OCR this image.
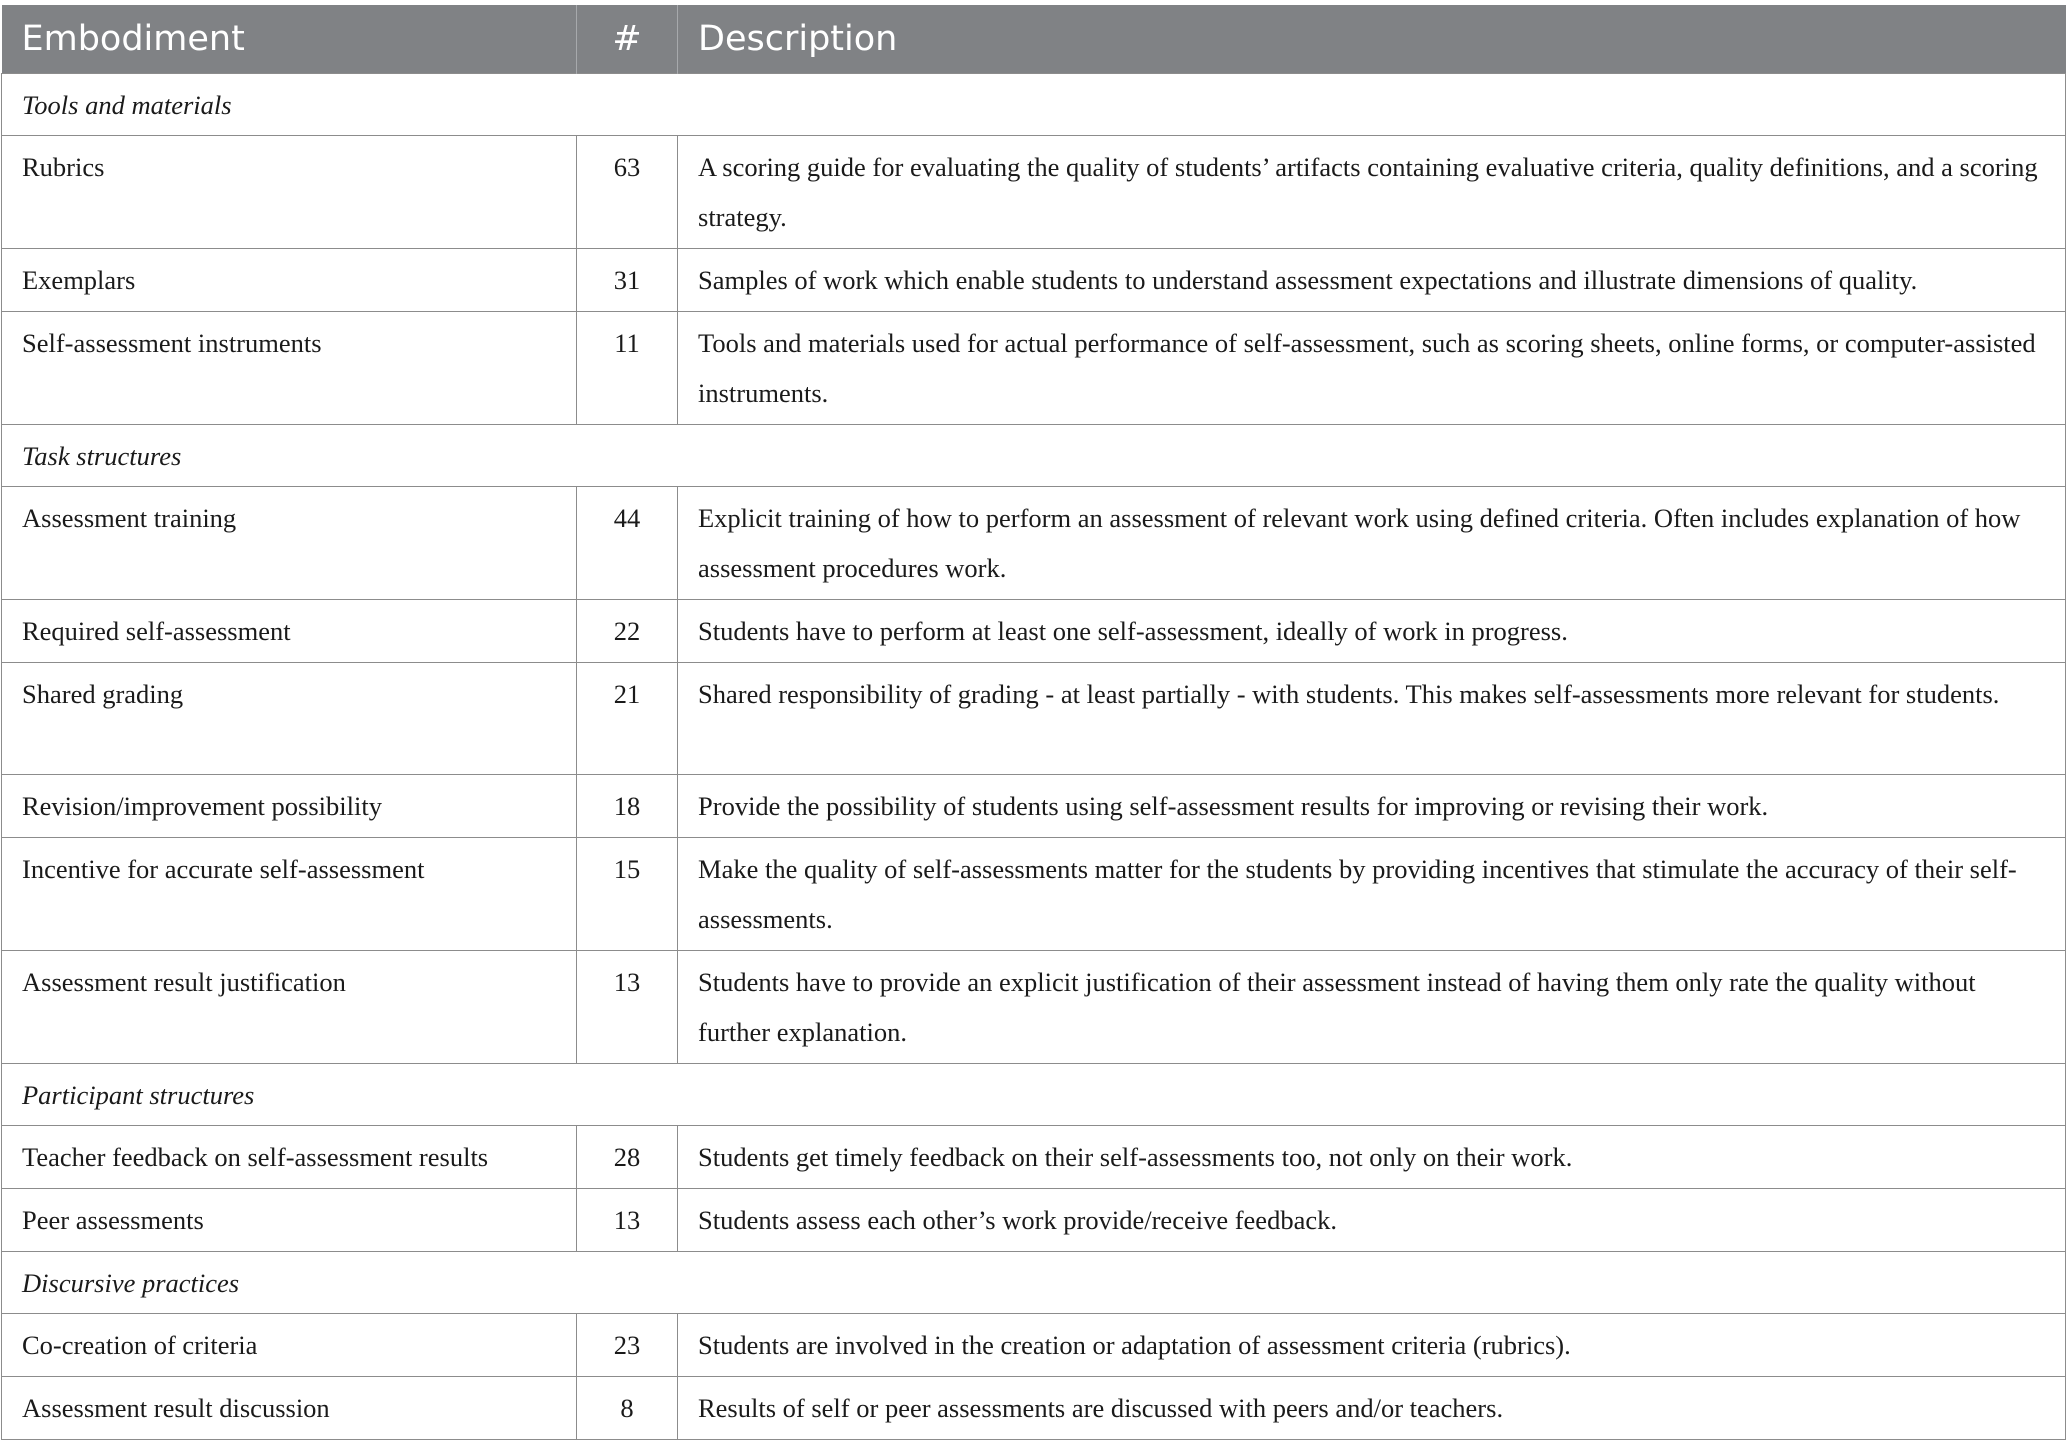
Embodiment	#	Description
Tools and materials		
Rubrics	63	A scoring guide for evaluating the quality of students’ artifacts containing evaluative criteria, quality definitions, and a scoring strategy.
Exemplars	31	Samples of work which enable students to understand assessment expectations and illustrate dimensions of quality.
Self-assessment instruments	11	Tools and materials used for actual performance of self-assessment, such as scoring sheets, online forms, or computer-assisted instruments.
Task structures		
Assessment training	44	Explicit training of how to perform an assessment of relevant work using defined criteria. Often includes explanation of how assessment procedures work.
Required self-assessment	22	Students have to perform at least one self-assessment, ideally of work in progress.
Shared grading	21	Shared responsibility of grading - at least partially - with students. This makes self-assessments more relevant for students.
Revision/improvement possibility	18	Provide the possibility of students using self-assessment results for improving or revising their work.
Incentive for accurate self-assessment	15	Make the quality of self-assessments matter for the students by providing incentives that stimulate the accuracy of their self-assessments.
Assessment result justification	13	Students have to provide an explicit justification of their assessment instead of having them only rate the quality without further explanation.
Participant structures		
Teacher feedback on self-assessment results	28	Students get timely feedback on their self-assessments too, not only on their work.
Peer assessments	13	Students assess each other’s work provide/receive feedback.
Discursive practices		
Co-creation of criteria	23	Students are involved in the creation or adaptation of assessment criteria (rubrics).
Assessment result discussion	8	Results of self or peer assessments are discussed with peers and/or teachers.
